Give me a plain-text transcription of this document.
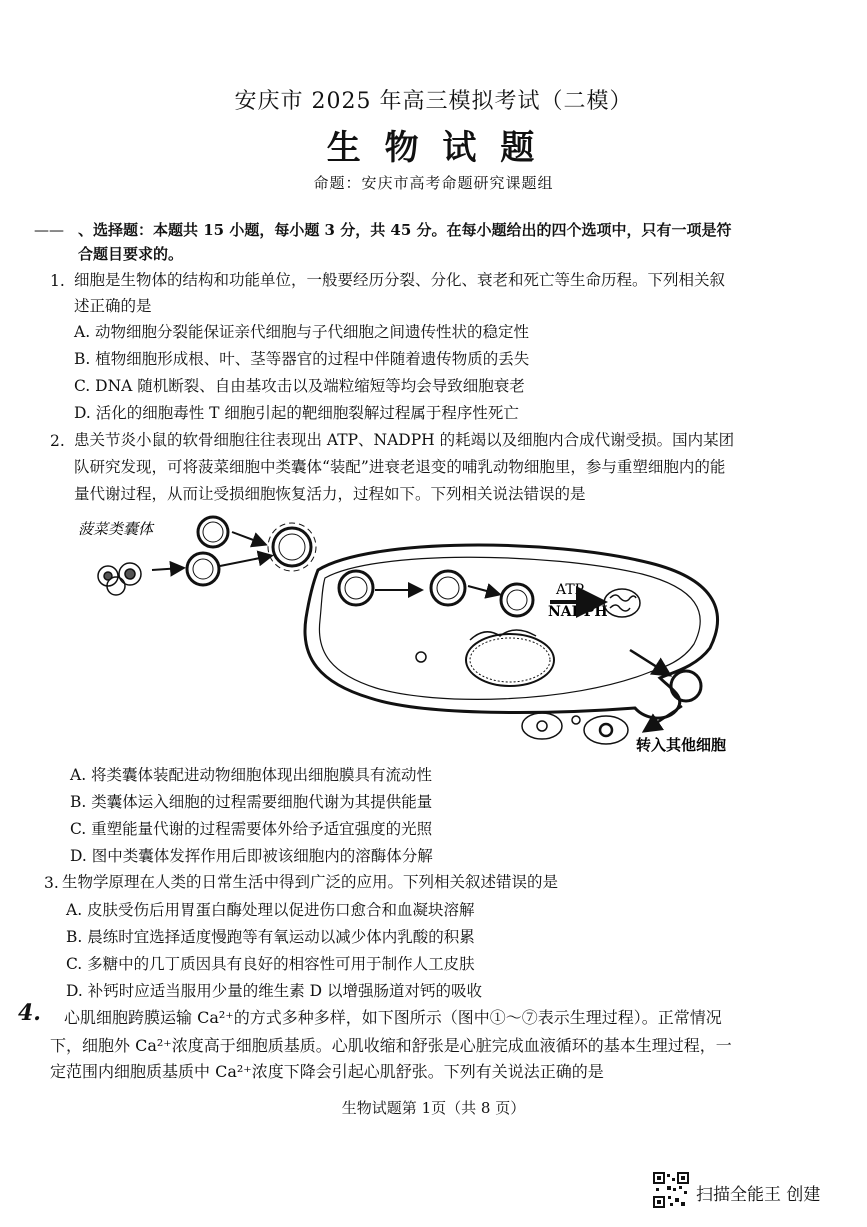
安庆市 2025 年高三模拟考试（二模）
生 物 试 题
命题：安庆市高考命题研究课题组
—— 、选择题：本题共 15 小题，每小题 3 分，共 45 分。在每小题给出的四个选项中，只有一项是符
合题目要求的。
1. 细胞是生物体的结构和功能单位，一般要经历分裂、分化、衰老和死亡等生命历程。下列相关叙
述正确的是
A. 动物细胞分裂能保证亲代细胞与子代细胞之间遗传性状的稳定性
B. 植物细胞形成根、叶、茎等器官的过程中伴随着遗传物质的丢失
C. DNA 随机断裂、自由基攻击以及端粒缩短等均会导致细胞衰老
D. 活化的细胞毒性 T 细胞引起的靶细胞裂解过程属于程序性死亡
2. 患关节炎小鼠的软骨细胞往往表现出 ATP、NADPH 的耗竭以及细胞内合成代谢受损。国内某团
队研究发现，可将菠菜细胞中类囊体“装配”进衰老退变的哺乳动物细胞里，参与重塑细胞内的能
量代谢过程，从而让受损细胞恢复活力，过程如下。下列相关说法错误的是
菠菜类囊体
ATP
NADPH
转入其他细胞
A. 将类囊体装配进动物细胞体现出细胞膜具有流动性
B. 类囊体运入细胞的过程需要细胞代谢为其提供能量
C. 重塑能量代谢的过程需要体外给予适宜强度的光照
D. 图中类囊体发挥作用后即被该细胞内的溶酶体分解
3. 生物学原理在人类的日常生活中得到广泛的应用。下列相关叙述错误的是
A. 皮肤受伤后用胃蛋白酶处理以促进伤口愈合和血凝块溶解
B. 晨练时宜选择适度慢跑等有氧运动以减少体内乳酸的积累
C. 多糖中的几丁质因具有良好的相容性可用于制作人工皮肤
D. 补钙时应适当服用少量的维生素 D 以增强肠道对钙的吸收
4. 心肌细胞跨膜运输 Ca²⁺的方式多种多样，如下图所示（图中①～⑦表示生理过程）。正常情况
下，细胞外 Ca²⁺浓度高于细胞质基质。心肌收缩和舒张是心脏完成血液循环的基本生理过程，一
定范围内细胞质基质中 Ca²⁺浓度下降会引起心肌舒张。下列有关说法正确的是
生物试题第 1页（共 8 页）
扫描全能王 创建
